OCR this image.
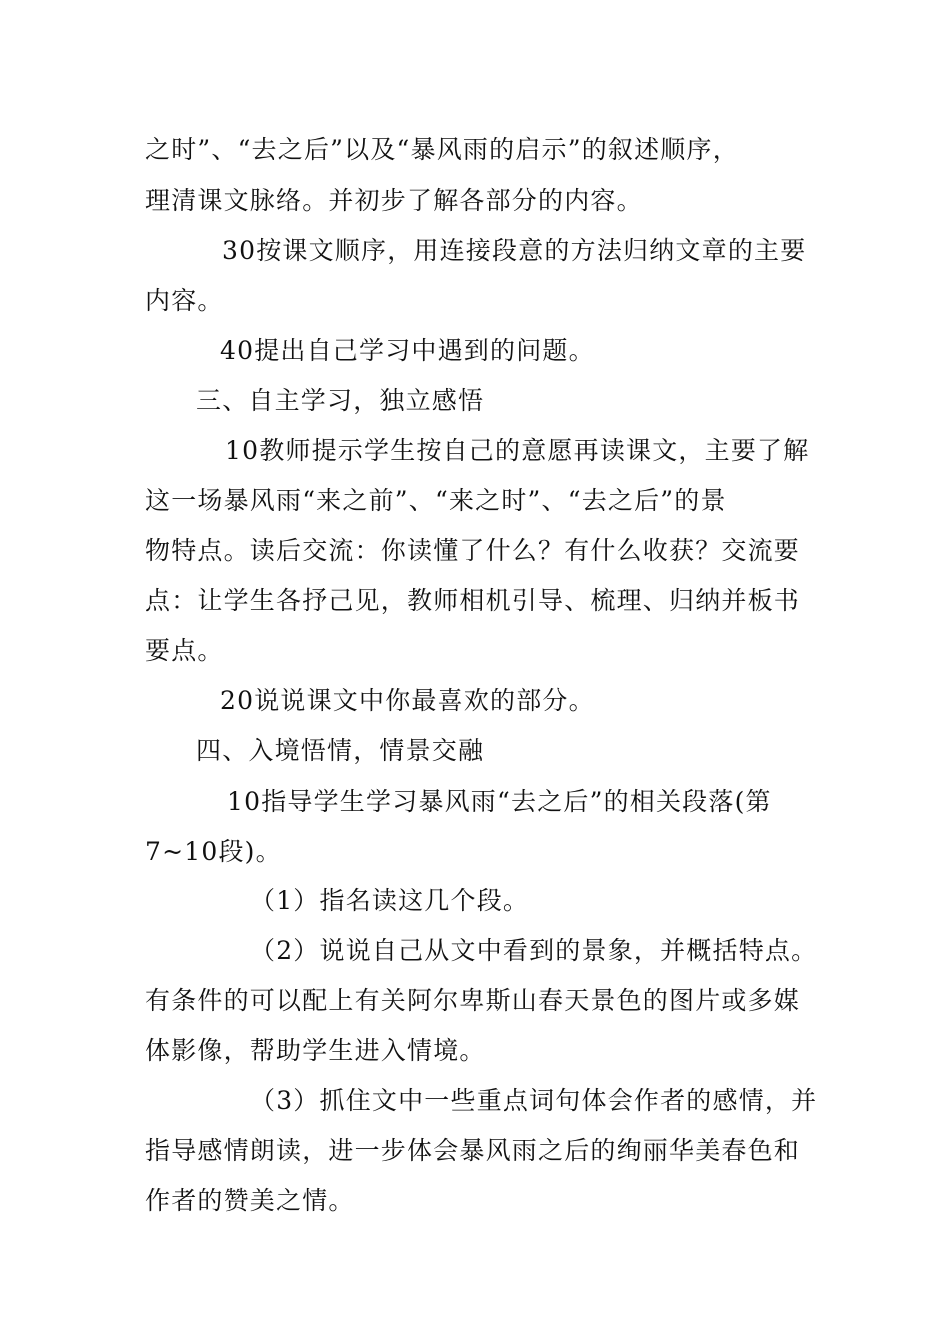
之时”、“去之后”以及“暴风雨的启示”的叙述顺序，
理清课文脉络。并初步了解各部分的内容。
30按课文顺序，用连接段意的方法归纳文章的主要
内容。
40提出自己学习中遇到的问题。
三、自主学习，独立感悟
10教师提示学生按自己的意愿再读课文，主要了解
这一场暴风雨“来之前”、“来之时”、“去之后”的景
物特点。读后交流：你读懂了什么？有什么收获？交流要
点：让学生各抒己见，教师相机引导、梳理、归纳并板书
要点。
20说说课文中你最喜欢的部分。
四、入境悟情，情景交融
10指导学生学习暴风雨“去之后”的相关段落(第
7~10段)。
（1）指名读这几个段。
（2）说说自己从文中看到的景象，并概括特点。
有条件的可以配上有关阿尔卑斯山春天景色的图片或多媒
体影像，帮助学生进入情境。
（3）抓住文中一些重点词句体会作者的感情，并
指导感情朗读，进一步体会暴风雨之后的绚丽华美春色和
作者的赞美之情。
